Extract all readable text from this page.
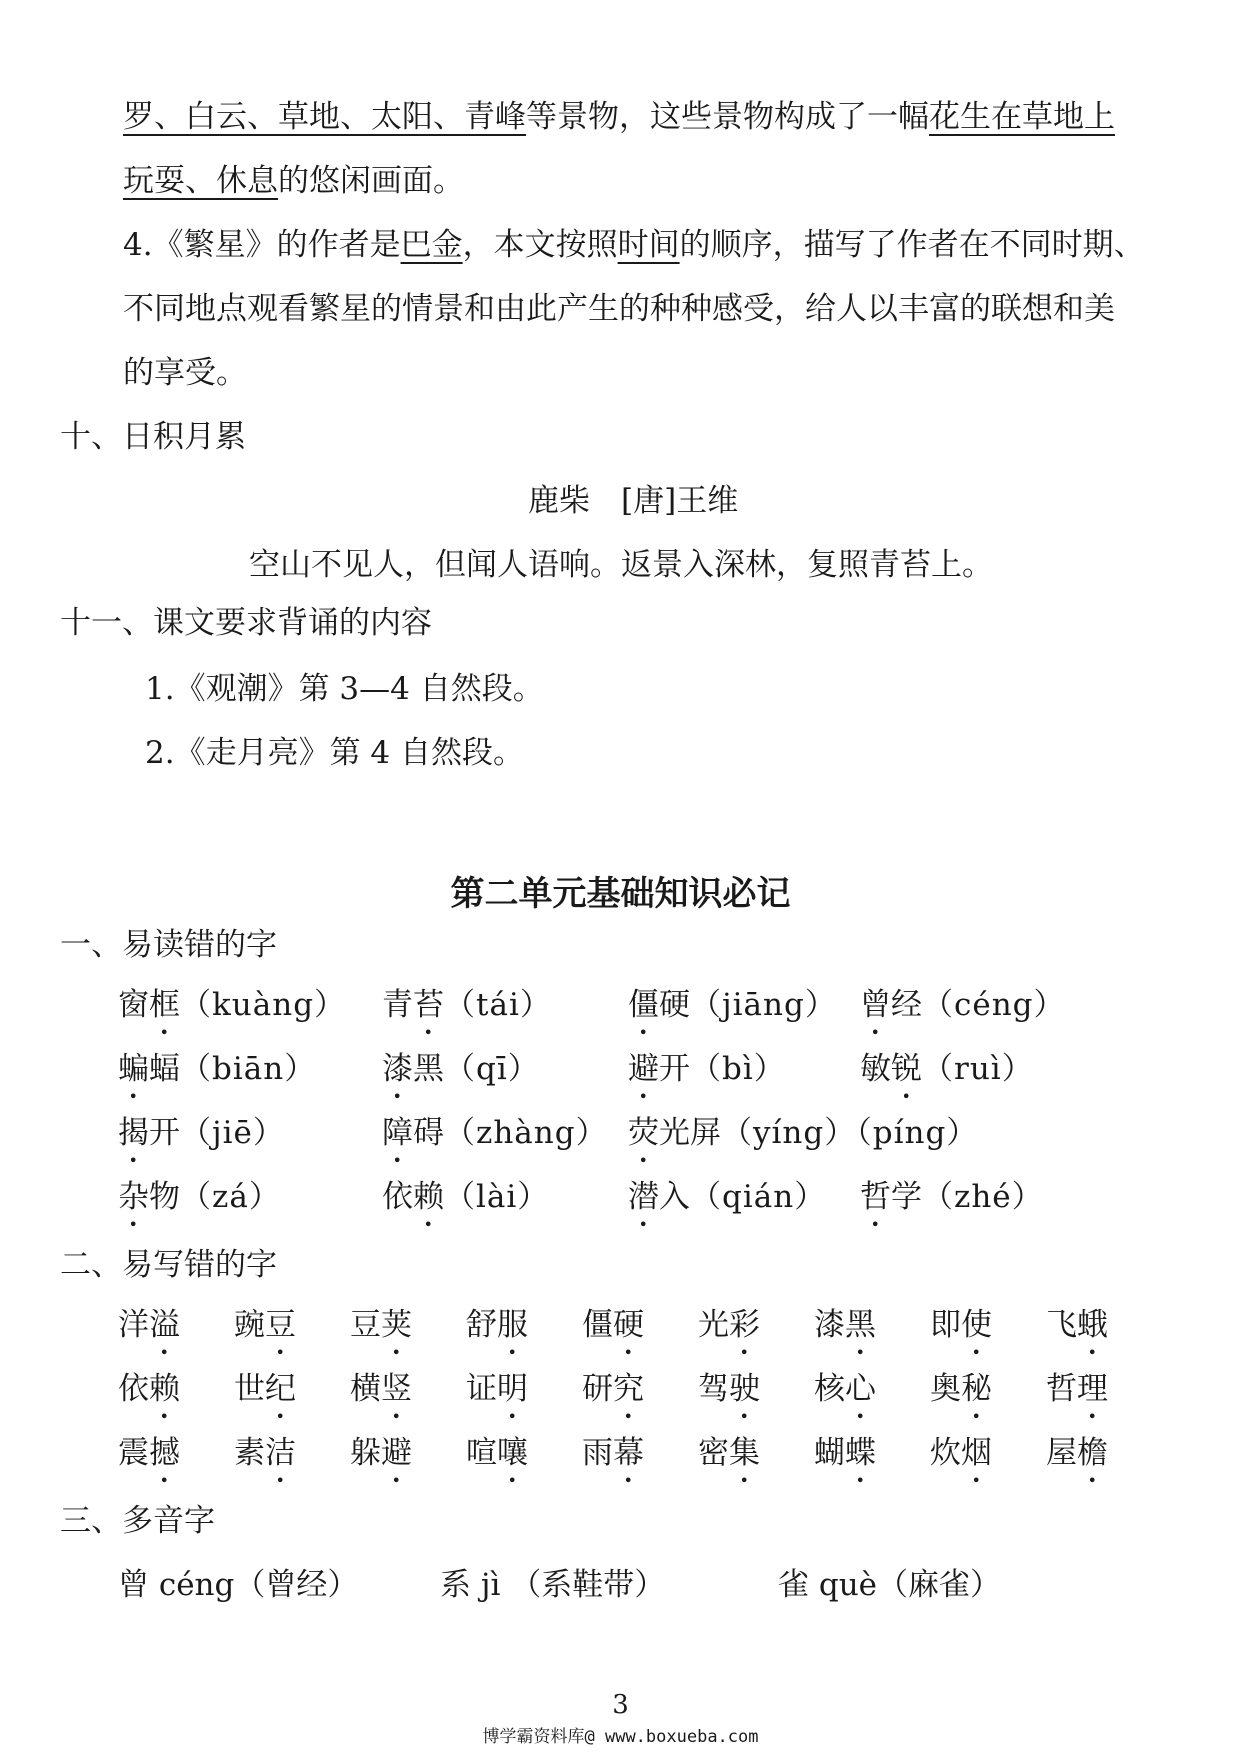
罗、白云、草地、太阳、青峰等景物，这些景物构成了一幅花生在草地上
玩耍、休息的悠闲画面。
4.《繁星》的作者是巴金，本文按照时间的顺序，描写了作者在不同时期、
不同地点观看繁星的情景和由此产生的种种感受，给人以丰富的联想和美
的享受。
十、日积月累
鹿柴　[唐]王维
空山不见人，但闻人语响。返景入深林，复照青苔上。
十一、课文要求背诵的内容
1.《观潮》第 3—4 自然段。
2.《走月亮》第 4 自然段。
第二单元基础知识必记
一、易读错的字
窗框（kuàng） 青苔（tái） 僵硬（jiāng） 曾经（céng）
蝙蝠（biān） 漆黑（qī）	避开（bì） 敏锐（ruì）
揭开（jiē）	障碍（zhàng） 荧光屏（yíng）（píng）
杂物（zá）	依赖（lài）	潜入（qián） 哲学（zhé）
二、易写错的字
洋溢 豌豆 豆荚 舒服 僵硬 光彩 漆黑 即使 飞蛾
依赖 世纪 横竖 证明 研究 驾驶 核心 奥秘 哲理
震撼 素洁 躲避 喧嚷 雨幕 密集 蝴蝶 炊烟 屋檐
三、多音字
曾 céng（曾经）	系 jì （系鞋带）	雀 què（麻雀）
3
博学霸资料库@ www.boxueba.com
